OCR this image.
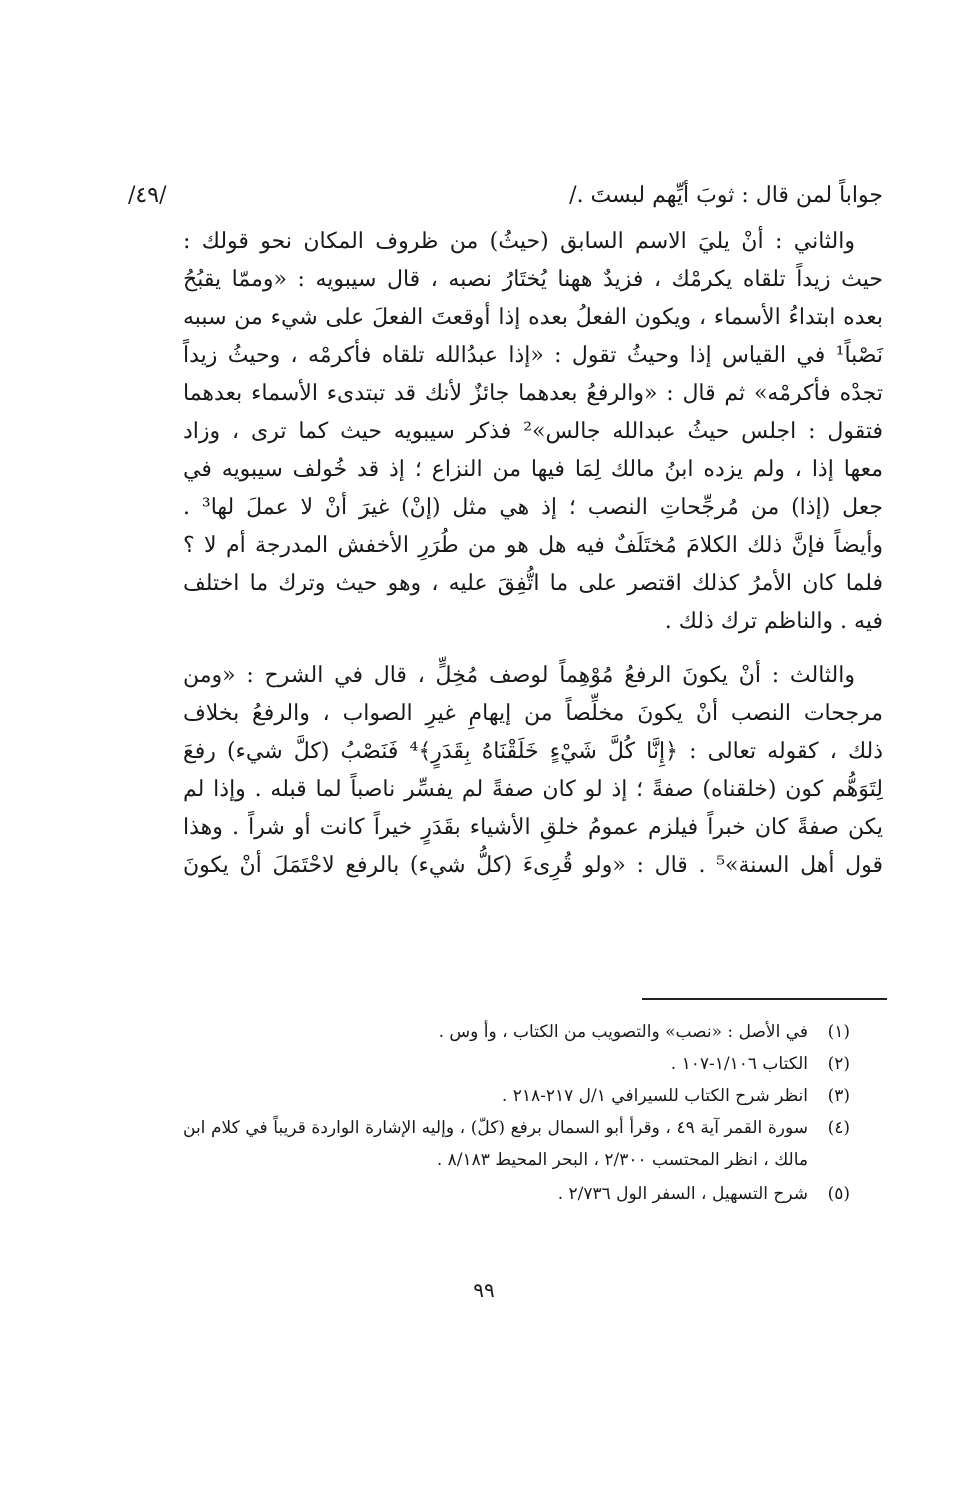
جواباً لمن قال : ثوبَ أيِّهم لبستَ ./
/٤٩/
والثاني : أنْ يليَ الاسم السابق (حيثُ) من ظروف المكان نحو قولك :
حيث زيداً تلقاه يكرمْك ، فزيدٌ ههنا يُختَارُ نصبه ، قال سيبويه : «وممّا يقبُحُ
بعده ابتداءُ الأسماء ، ويكون الفعلُ بعده إذا أوقعتَ الفعلَ على شيء من سببه
نَصْباً¹ في القياس إذا وحيثُ تقول : «إذا عبدُالله تلقاه فأكرمْه ، وحيثُ زيداً
تجدْه فأكرمْه» ثم قال : «والرفعُ بعدهما جائزٌ لأنك قد تبتدىء الأسماء بعدهما
فتقول : اجلس حيثُ عبدالله جالس»² فذكر سيبويه حيث كما ترى ، وزاد
معها إذا ، ولم يزده ابنُ مالك لِمَا فيها من النزاع ؛ إذ قد خُولف سيبويه في
جعل (إذا) من مُرجِّحاتِ النصب ؛ إذ هي مثل (إنْ) غيرَ أنْ لا عملَ لها³ .
وأيضاً فإنَّ ذلك الكلامَ مُختَلَفٌ فيه هل هو من طُرَرِ الأخفش المدرجة أم لا ؟
فلما كان الأمرُ كذلك اقتصر على ما اتُّفِقَ عليه ، وهو حيث وترك ما اختلف
فيه . والناظم ترك ذلك .
والثالث : أنْ يكونَ الرفعُ مُوْهِماً لوصف مُخِلٍّ ، قال في الشرح : «ومن
مرجحات النصب أنْ يكونَ مخلِّصاً من إيهامِ غيرِ الصواب ، والرفعُ بخلاف
ذلك ، كقوله تعالى : ﴿إِنَّا كُلَّ شَيْءٍ خَلَقْنَاهُ بِقَدَرٍ﴾⁴ فَنَصْبُ (كلَّ شيء) رفعَ
لِتَوَهُّم كون (خلقناه) صفةً ؛ إذ لو كان صفةً لم يفسِّر ناصباً لما قبله . وإذا لم
يكن صفةً كان خبراً فيلزم عمومُ خلقِ الأشياء بقَدَرٍ خيراً كانت أو شراً . وهذا
قول أهل السنة»⁵ . قال : «ولو قُرِىءَ (كلُّ شيء) بالرفع لاحْتَمَلَ أنْ يكونَ
(١)
في الأصل : «نصب» والتصويب من الكتاب ، وأ وس .
(٢)
الكتاب ١/١٠٦-١٠٧ .
(٣)
انظر شرح الكتاب للسيرافي ١/ل ٢١٧-٢١٨ .
(٤)
سورة القمر آية ٤٩ ، وقرأ أبو السمال برفع (كلّ) ، وإليه الإشارة الواردة قريباً في كلام ابن
مالك ، انظر المحتسب ٢/٣٠٠ ، البحر المحيط ٨/١٨٣ .
(٥)
شرح التسهيل ، السفر الول ٢/٧٣٦ .
٩٩
